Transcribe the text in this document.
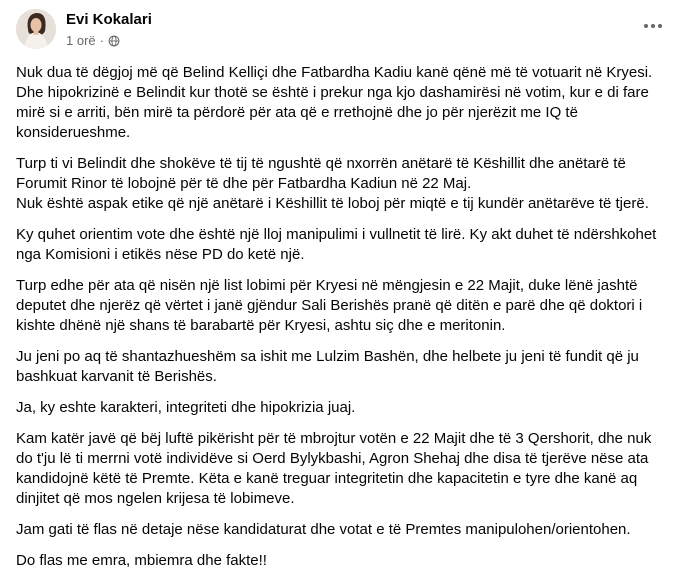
Evi Kokalari
1 orë ·

Nuk dua të dëgjoj më që Belind Kelliçi dhe Fatbardha Kadiu kanë qënë më të votuarit në Kryesi.
Dhe hipokrizinë e Belindit kur thotë se është i prekur nga kjo dashamirësi në votim, kur e di fare
mirë si e arriti, bën mirë ta përdorë për ata që e rrethojnë dhe jo për njerëzit me IQ të
konsiderueshme.

Turp ti vi Belindit dhe shokëve të tij të ngushtë që nxorrën anëtarë të Këshillit dhe anëtarë të
Forumit Rinor të lobojnë për të dhe për Fatbardha Kadiun në 22 Maj.
Nuk është aspak etike që një anëtarë i Këshillit të loboj për miqtë e tij kundër anëtarëve të tjerë.

Ky quhet orientim vote dhe është një lloj manipulimi i vullnetit të lirë. Ky akt duhet të ndërshkohet
nga Komisioni i etikës nëse PD do ketë një.

Turp edhe për ata që nisën një list lobimi për Kryesi në mëngjesin e 22 Majit, duke lënë jashtë
deputet dhe njerëz që vërtet i janë gjëndur Sali Berishës pranë që ditën e parë dhe që doktori i
kishte dhënë një shans të barabartë për Kryesi, ashtu siç dhe e meritonin.

Ju jeni po aq të shantazhueshëm sa ishit me Lulzim Bashën, dhe helbete ju jeni të fundit që ju
bashkuat karvanit të Berishës.

Ja, ky eshte karakteri, integriteti dhe hipokrizia juaj.

Kam katër javë që bëj luftë pikërisht për të mbrojtur votën e 22 Majit dhe të 3 Qershorit, dhe nuk
do t'ju lë ti merrni votë individëve si Oerd Bylykbashi, Agron Shehaj dhe disa të tjerëve nëse ata
kandidojnë këtë të Premte. Këta e kanë treguar integritetin dhe kapacitetin e tyre dhe kanë aq
dinjitet që mos ngelen krijesa të lobimeve.

Jam gati të flas në detaje nëse kandidaturat dhe votat e të Premtes manipulohen/orientohen.

Do flas me emra, mbiemra dhe fakte!!
